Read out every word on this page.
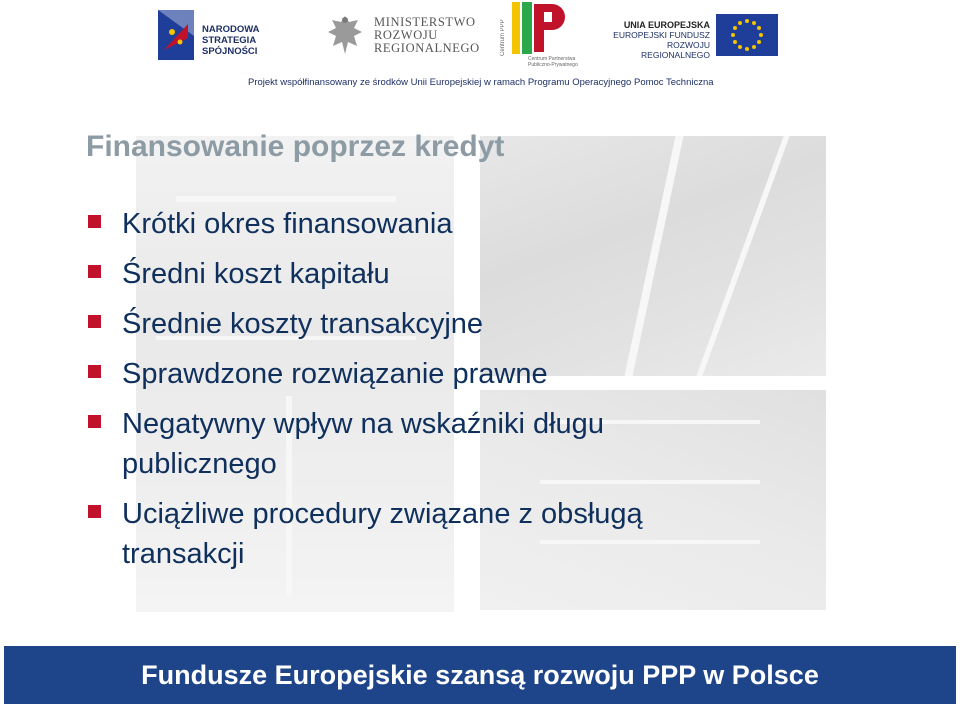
NARODOWA
STRATEGIA SPÓJNOŚCI
MINISTERSTWO
ROZWOJU
REGIONALNEGO	Centrum PPP
Centrum Partnerstwa
Publiczno-Prywatnego
UNIA EUROPEJSKA
EUROPEJSKI FUNDUSZ
ROZWOJU REGIONALNEGO
Projekt współfinansowany ze środków Unii Europejskiej w ramach Programu Operacyjnego Pomoc Techniczna
Finansowanie poprzez kredyt
Krótki okres finansowania
Średni koszt kapitału
Średnie koszty transakcyjne
Sprawdzone rozwiązanie prawne
Negatywny wpływ na wskaźniki długu publicznego
Uciążliwe procedury związane z obsługą transakcji
Fundusze Europejskie szansą rozwoju PPP w Polsce
